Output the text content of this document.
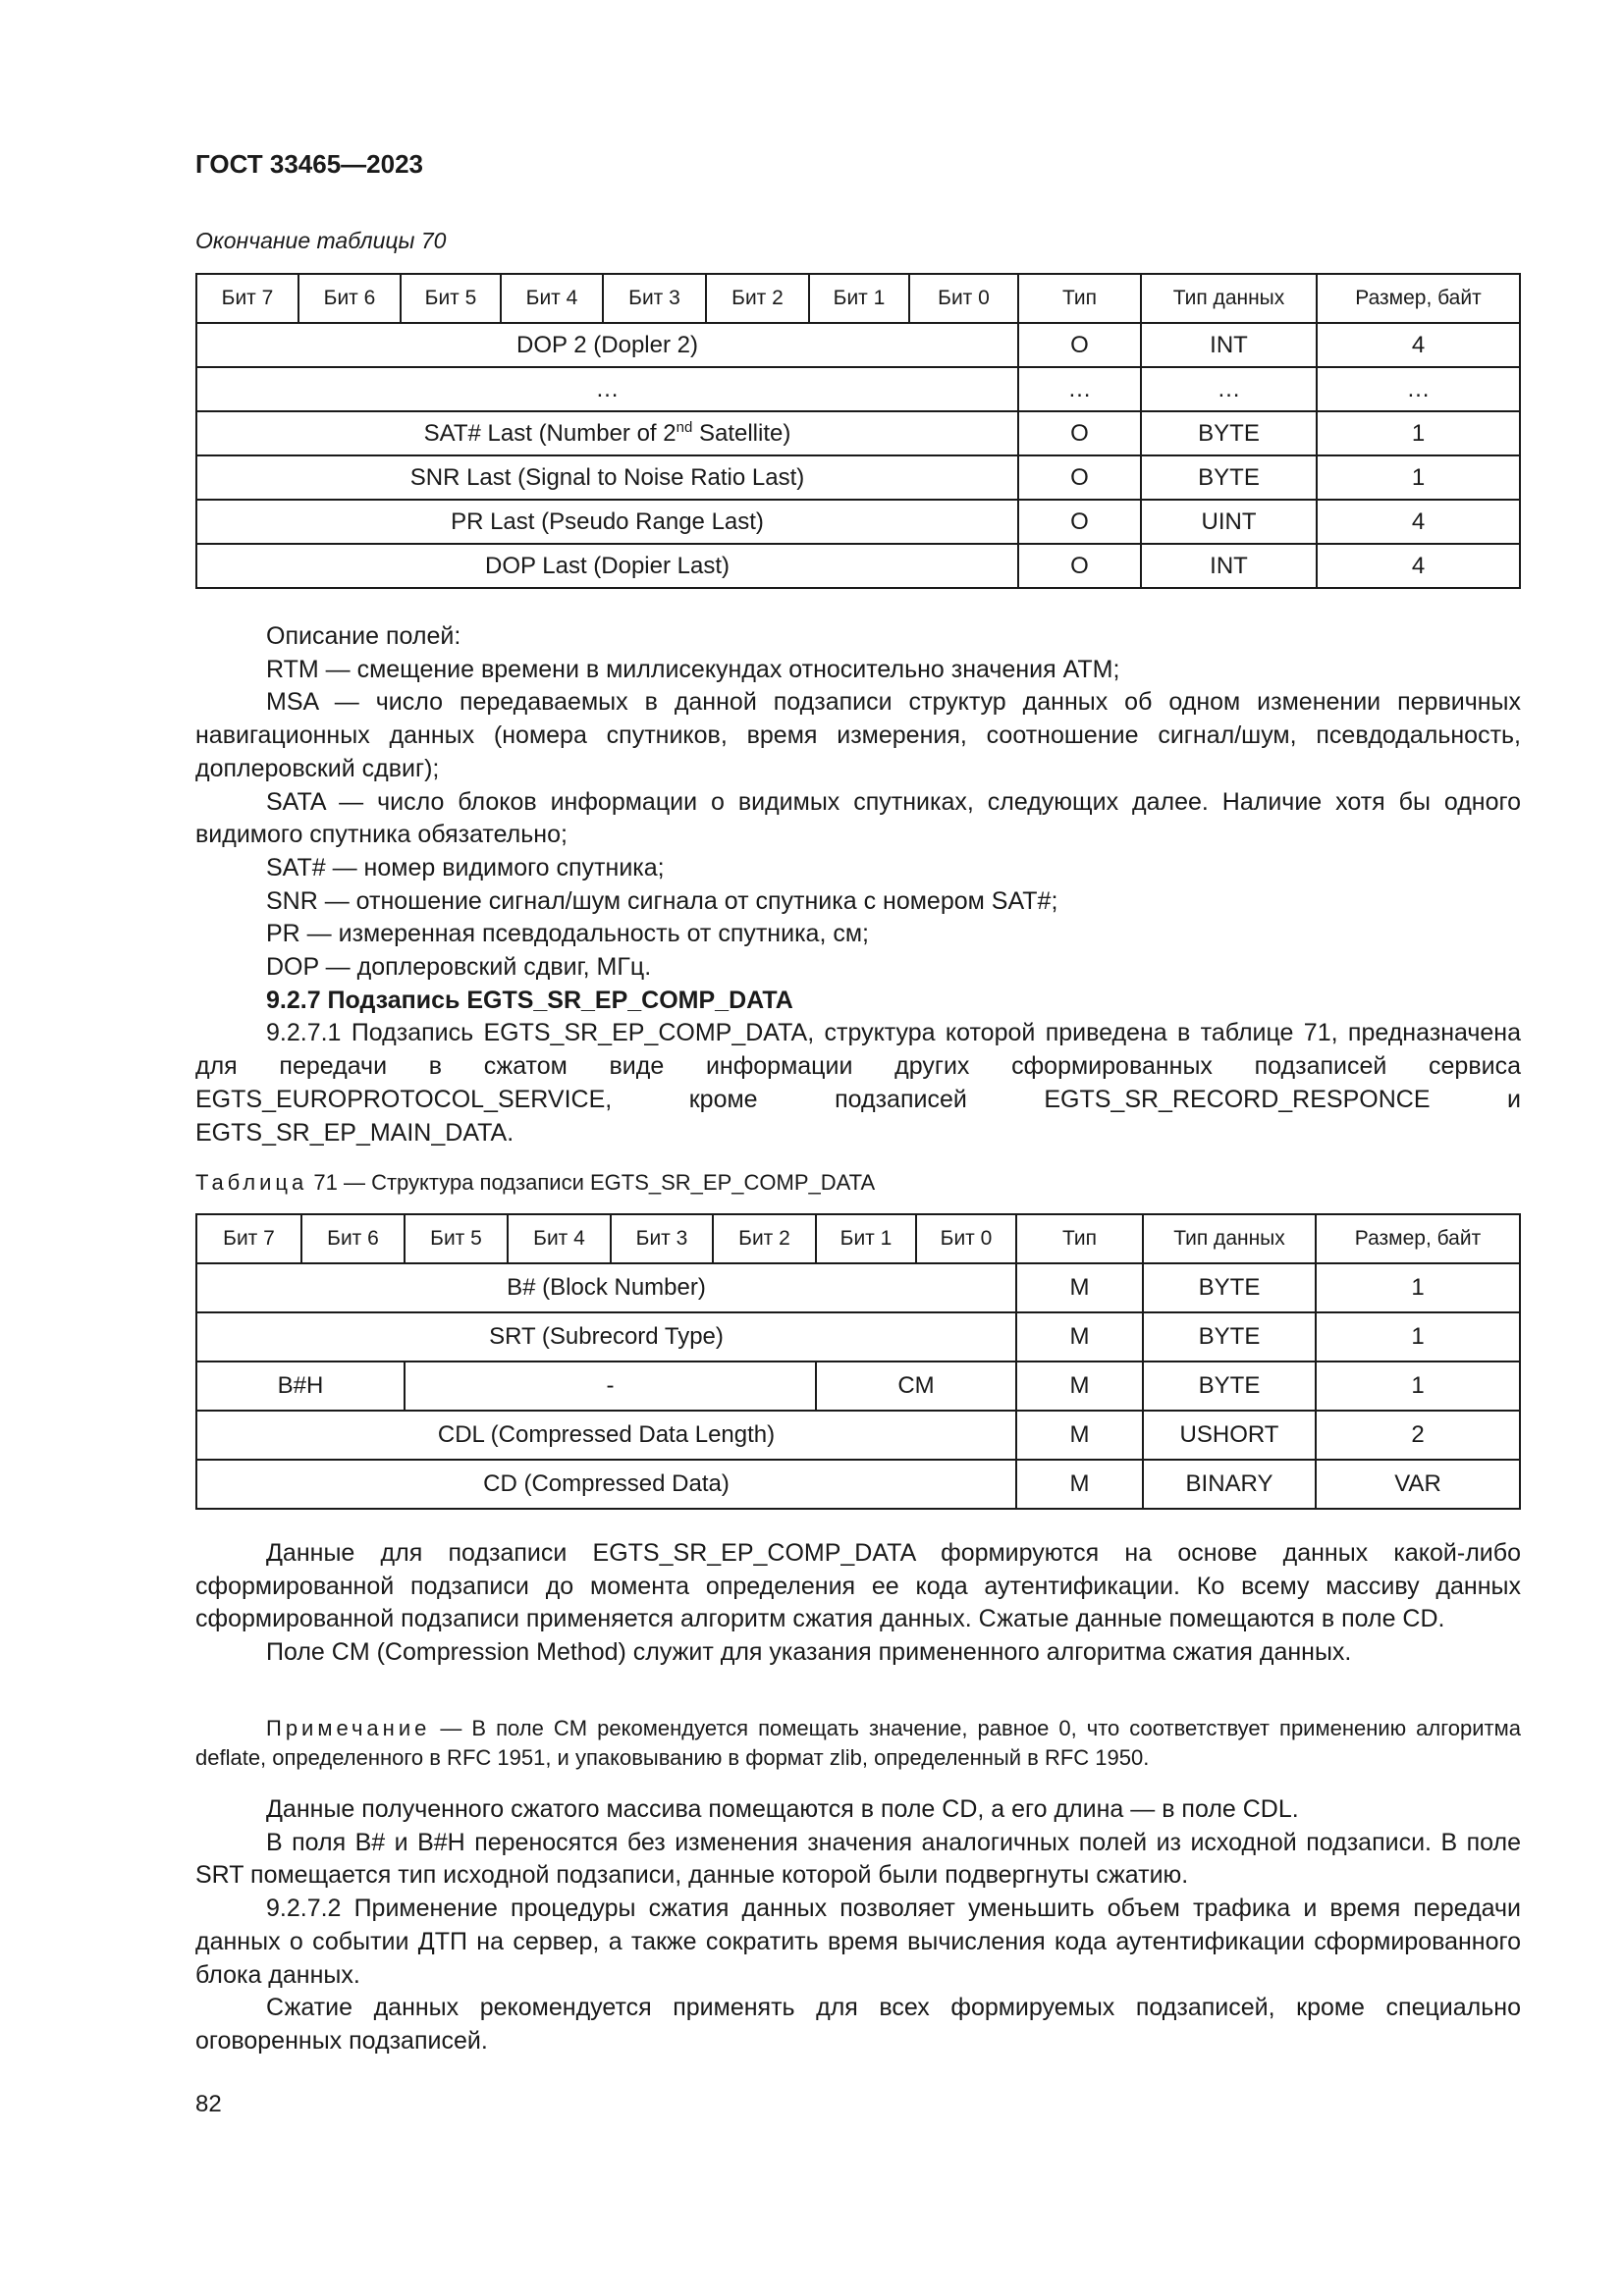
ГОСТ 33465—2023
Окончание таблицы 70
Бит 7	Бит 6	Бит 5	Бит 4	Бит 3	Бит 2	Бит 1	Бит 0	Тип	Тип данных	Размер, байт
DOP 2 (Dopler 2)								O	INT	4
…								…	…	…
SAT# Last (Number of 2nd Satellite)								O	BYTE	1
SNR Last (Signal to Noise Ratio Last)								O	BYTE	1
PR Last (Pseudo Range Last)								O	UINT	4
DOP Last (Dopier Last)								O	INT	4

Описание полей:

RTM — смещение времени в миллисекундах относительно значения ATM;

MSA — число передаваемых в данной подзаписи структур данных об одном изменении первичных навигационных данных (номера спутников, время измерения, соотношение сигнал/шум, псевдодальность, доплеровский сдвиг);

SATA — число блоков информации о видимых спутниках, следующих далее. Наличие хотя бы одного видимого спутника обязательно;

SAT# — номер видимого спутника;

SNR — отношение сигнал/шум сигнала от спутника с номером SAT#;

PR — измеренная псевдодальность от спутника, см;

DOP — доплеровский сдвиг, МГц.

9.2.7 Подзапись EGTS_SR_EP_COMP_DATA

9.2.7.1 Подзапись EGTS_SR_EP_COMP_DATA, структура которой приведена в таблице 71, предназначена для передачи в сжатом виде информации других сформированных подзаписей сервиса EGTS_EUROPROTOCOL_SERVICE, кроме подзаписей EGTS_SR_RECORD_RESPONCE и EGTS_SR_EP_MAIN_DATA.

Таблица 71 — Структура подзаписи EGTS_SR_EP_COMP_DATA
Бит 7	Бит 6	Бит 5	Бит 4	Бит 3	Бит 2	Бит 1	Бит 0	Тип	Тип данных	Размер, байт
B# (Block Number)								M	BYTE	1
SRT (Subrecord Type)								M	BYTE	1
B#H		-				CM		M	BYTE	1
CDL (Compressed Data Length)								M	USHORT	2
CD (Compressed Data)								M	BINARY	VAR

Данные для подзаписи EGTS_SR_EP_COMP_DATA формируются на основе данных какой-либо сформированной подзаписи до момента определения ее кода аутентификации. Ко всему массиву данных сформированной подзаписи применяется алгоритм сжатия данных. Сжатые данные помещаются в поле CD.

Поле CM (Compression Method) служит для указания примененного алгоритма сжатия данных.

Примечание — В поле CM рекомендуется помещать значение, равное 0, что соответствует применению алгоритма deflate, определенного в RFC 1951, и упаковыванию в формат zlib, определенный в RFC 1950.

Данные полученного сжатого массива помещаются в поле CD, а его длина — в поле CDL.

В поля B# и B#H переносятся без изменения значения аналогичных полей из исходной подзаписи. В поле SRT помещается тип исходной подзаписи, данные которой были подвергнуты сжатию.

9.2.7.2 Применение процедуры сжатия данных позволяет уменьшить объем трафика и время передачи данных о событии ДТП на сервер, а также сократить время вычисления кода аутентификации сформированного блока данных.

Сжатие данных рекомендуется применять для всех формируемых подзаписей, кроме специально оговоренных подзаписей.

82
